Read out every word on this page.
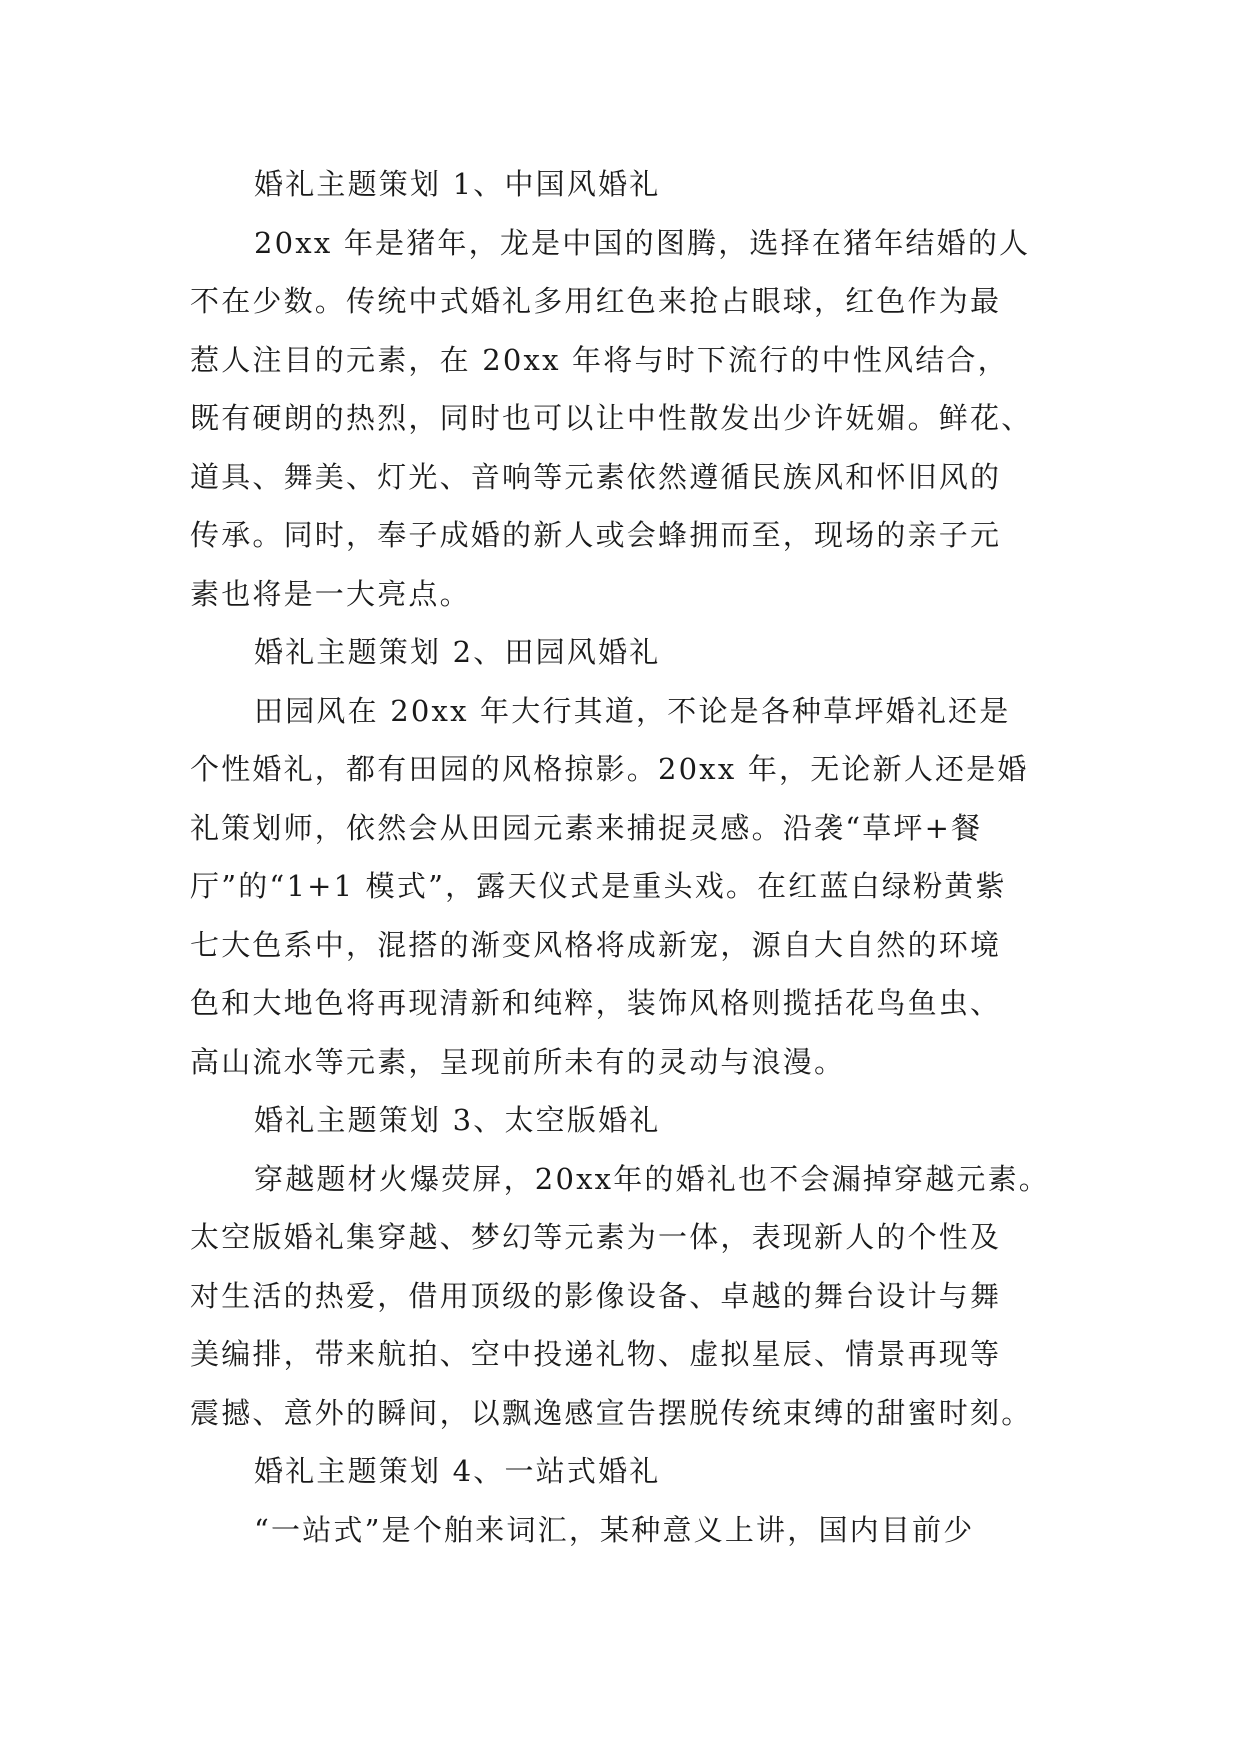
婚礼主题策划 1、中国风婚礼
20xx 年是猪年，龙是中国的图腾，选择在猪年结婚的人
不在少数。传统中式婚礼多用红色来抢占眼球，红色作为最
惹人注目的元素，在 20xx 年将与时下流行的中性风结合，
既有硬朗的热烈，同时也可以让中性散发出少许妩媚。鲜花、
道具、舞美、灯光、音响等元素依然遵循民族风和怀旧风的
传承。同时，奉子成婚的新人或会蜂拥而至，现场的亲子元
素也将是一大亮点。
婚礼主题策划 2、田园风婚礼
田园风在 20xx 年大行其道，不论是各种草坪婚礼还是
个性婚礼，都有田园的风格掠影。20xx 年，无论新人还是婚
礼策划师，依然会从田园元素来捕捉灵感。沿袭“草坪+餐
厅”的“1+1 模式”，露天仪式是重头戏。在红蓝白绿粉黄紫
七大色系中，混搭的渐变风格将成新宠，源自大自然的环境
色和大地色将再现清新和纯粹，装饰风格则揽括花鸟鱼虫、
高山流水等元素，呈现前所未有的灵动与浪漫。
婚礼主题策划 3、太空版婚礼
穿越题材火爆荧屏，20xx年的婚礼也不会漏掉穿越元素。
太空版婚礼集穿越、梦幻等元素为一体，表现新人的个性及
对生活的热爱，借用顶级的影像设备、卓越的舞台设计与舞
美编排，带来航拍、空中投递礼物、虚拟星辰、情景再现等
震撼、意外的瞬间，以飘逸感宣告摆脱传统束缚的甜蜜时刻。
婚礼主题策划 4、一站式婚礼
“一站式”是个舶来词汇，某种意义上讲，国内目前少
